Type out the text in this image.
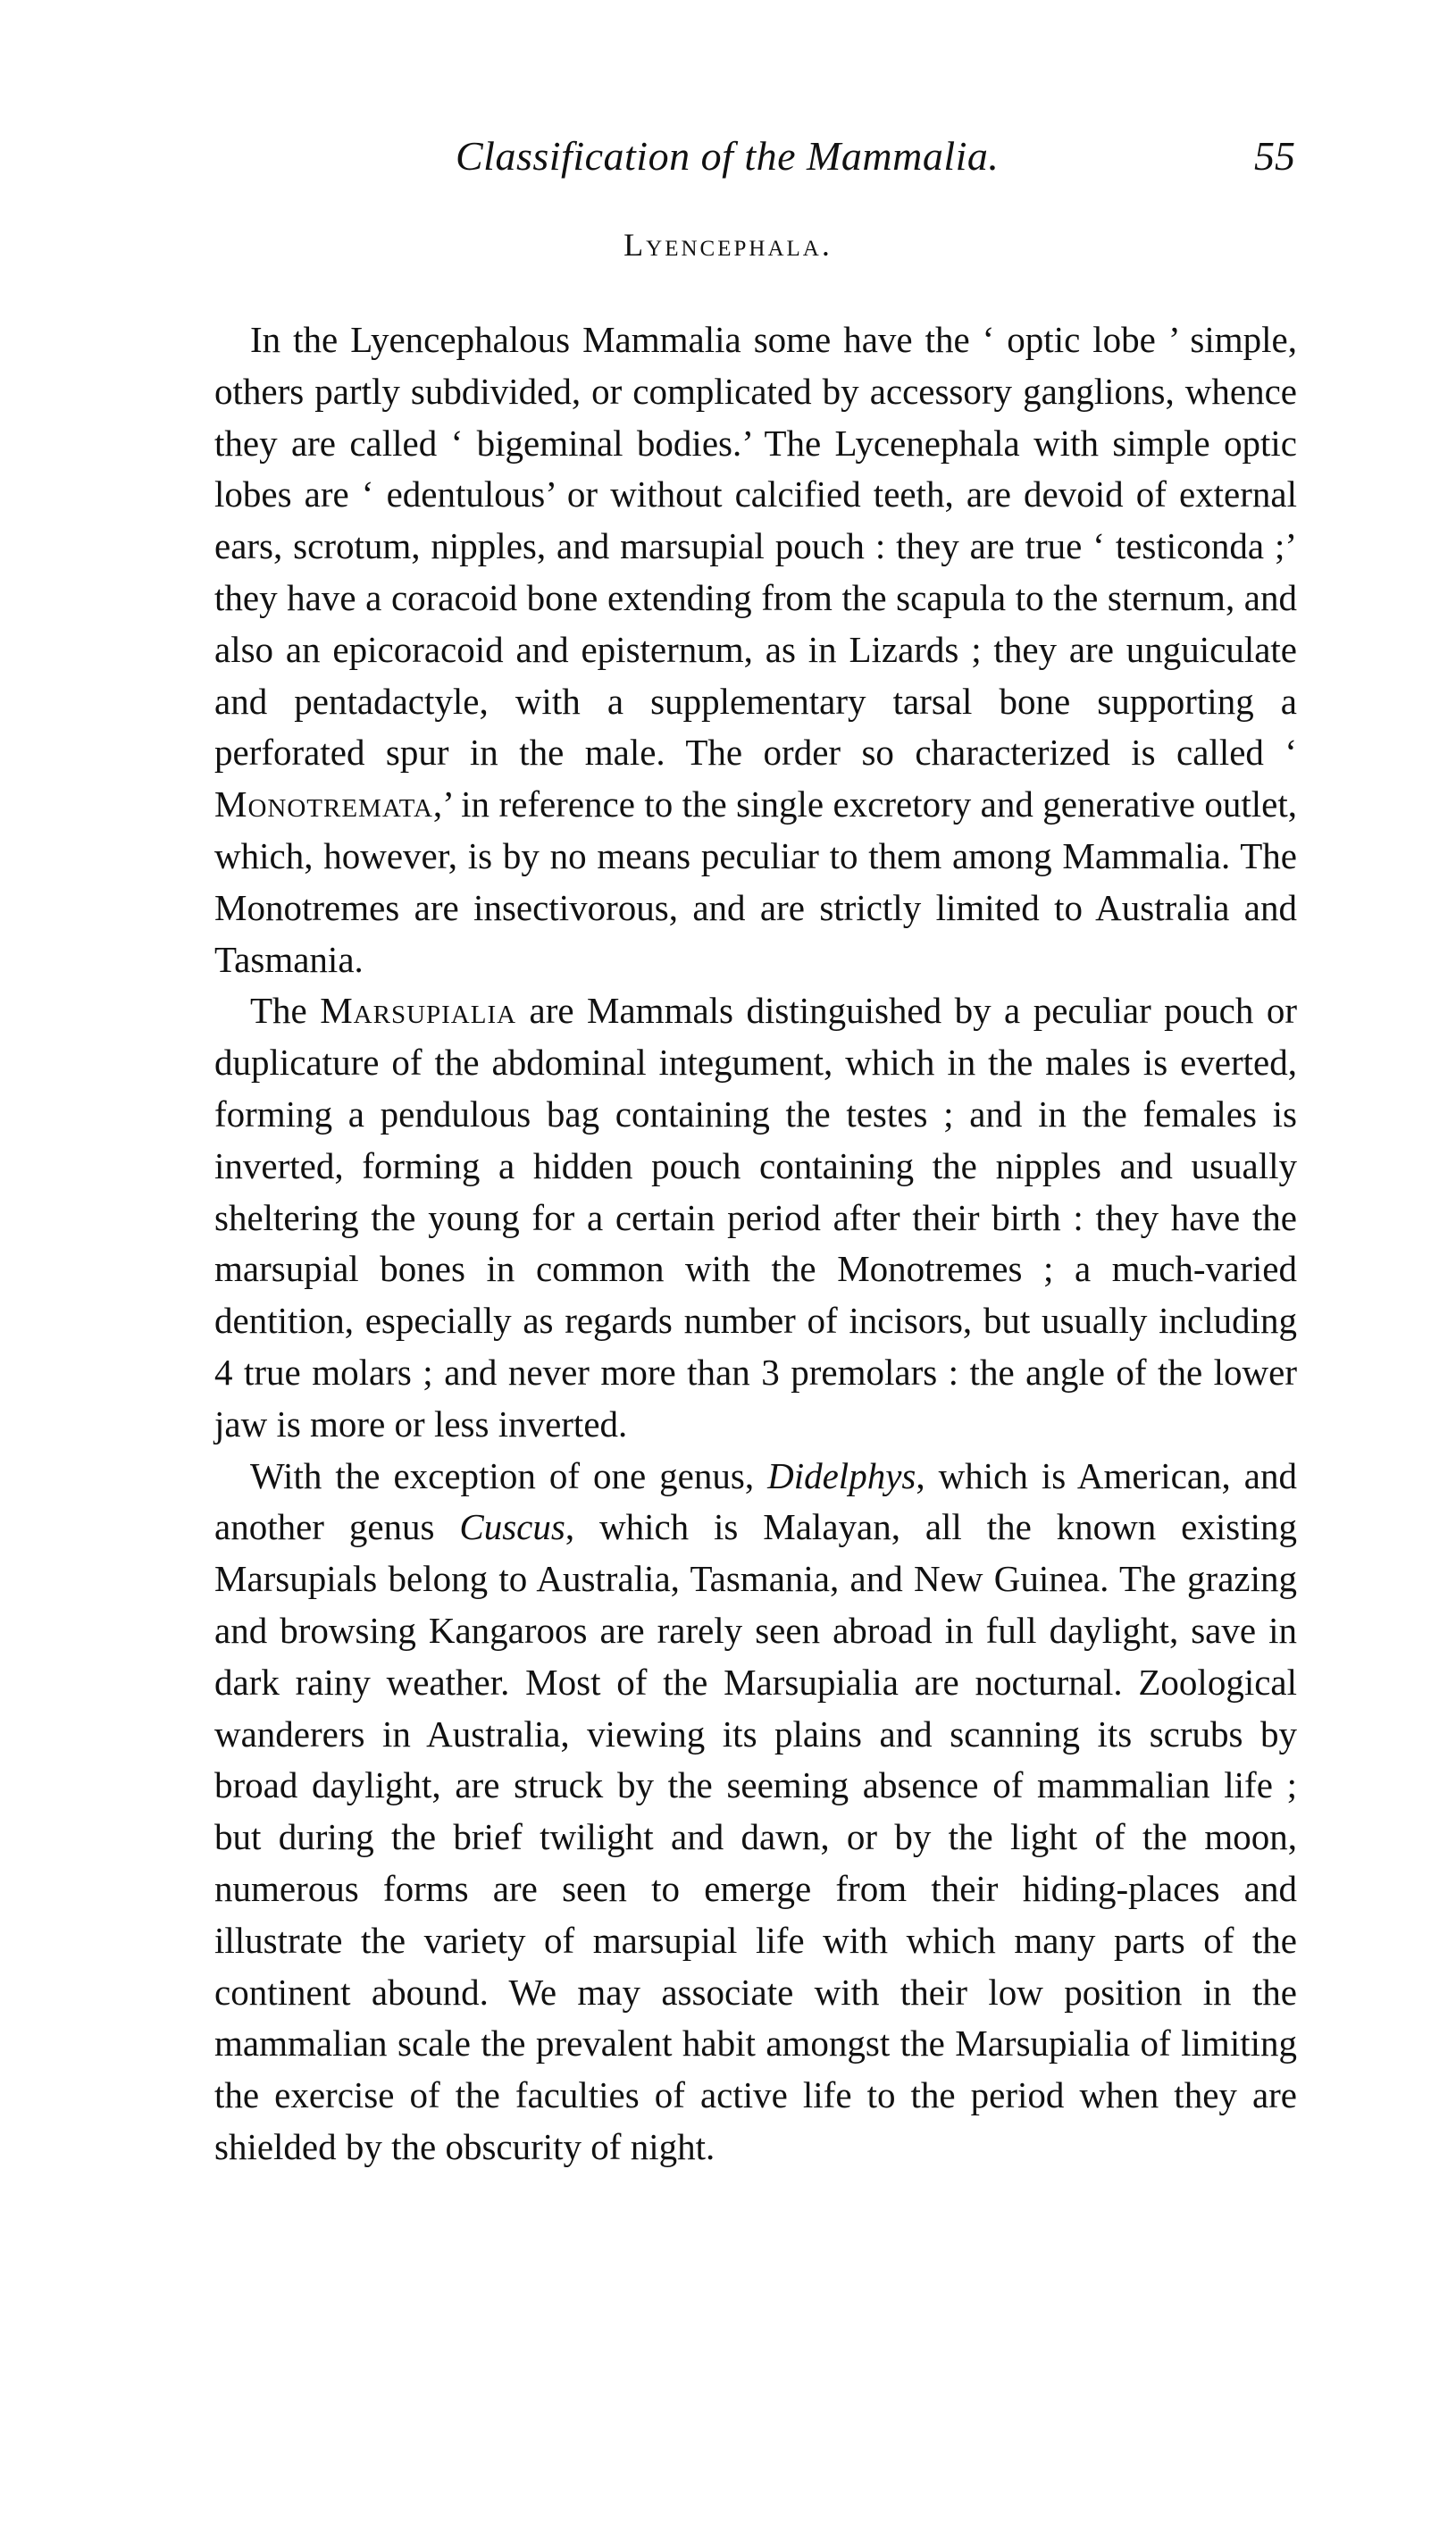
Classification of the Mammalia.	55
Lyencephala.

In the Lyencephalous Mammalia some have the ‘ optic lobe ’ simple, others partly subdivided, or complicated by accessory ganglions, whence they are called ‘ bigeminal bodies.’ The Lycenephala with simple optic lobes are ‘ edentulous’ or without calcified teeth, are devoid of external ears, scrotum, nipples, and marsupial pouch : they are true ‘ testiconda ;’ they have a coracoid bone extending from the scapula to the sternum, and also an epicoracoid and episternum, as in Lizards ; they are unguiculate and pentadactyle, with a supplementary tarsal bone supporting a perforated spur in the male. The order so characterized is called ‘ Monotremata,’ in reference to the single excretory and generative outlet, which, however, is by no means peculiar to them among Mammalia. The Monotremes are insectivorous, and are strictly limited to Australia and Tasmania.

The Marsupialia are Mammals distinguished by a peculiar pouch or duplicature of the abdominal integument, which in the males is everted, forming a pendulous bag containing the testes ; and in the females is inverted, forming a hidden pouch containing the nipples and usually sheltering the young for a certain period after their birth : they have the marsupial bones in common with the Monotremes ; a much-varied dentition, especially as regards number of incisors, but usually including 4 true molars ; and never more than 3 premolars : the angle of the lower jaw is more or less inverted.

With the exception of one genus, Didelphys, which is American, and another genus Cuscus, which is Malayan, all the known existing Marsupials belong to Australia, Tasmania, and New Guinea. The grazing and browsing Kangaroos are rarely seen abroad in full daylight, save in dark rainy weather. Most of the Marsupialia are nocturnal. Zoological wanderers in Australia, viewing its plains and scanning its scrubs by broad daylight, are struck by the seeming absence of mammalian life ; but during the brief twilight and dawn, or by the light of the moon, numerous forms are seen to emerge from their hiding-places and illustrate the variety of marsupial life with which many parts of the continent abound. We may associate with their low position in the mammalian scale the prevalent habit amongst the Marsupialia of limiting the exercise of the faculties of active life to the period when they are shielded by the obscurity of night.
